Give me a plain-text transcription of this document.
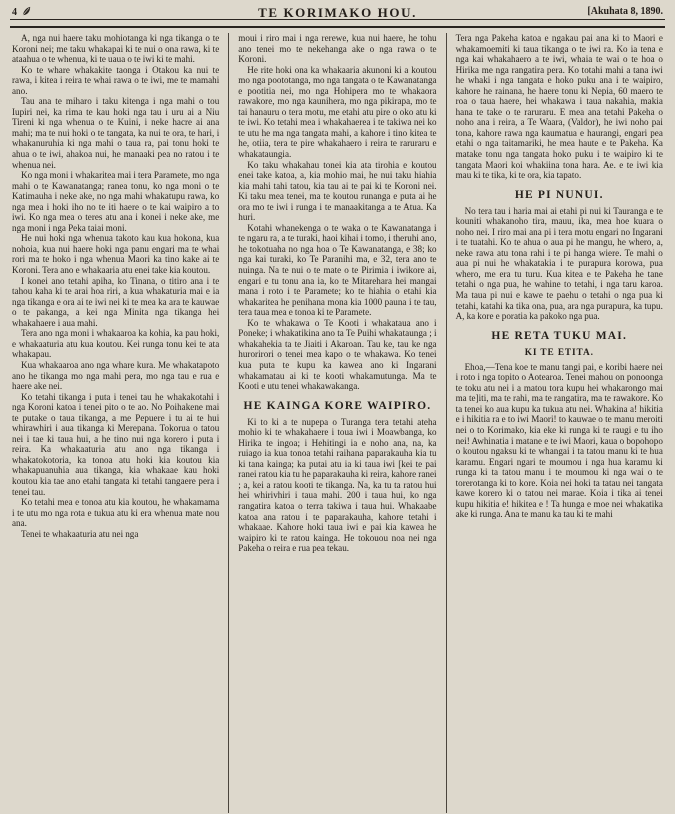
4	TE KORIMAKO HOU.	[Akuhata 8, 1890.

A, nga nui haere taku mohiotanga ki nga tikanga o te Koroni nei; me taku whakapai ki te nui o ona rawa, ki te ataahua o te whenua, ki te uaua o te iwi ki te mahi.

Ko te whare whakakite taonga i Otakou ka nui te rawa, i kitea i reira te whai rawa o te iwi, me te mamahi ano.

Tau ana te miharo i taku kitenga i nga mahi o tou Iupiri nei, ka rima te kau hoki nga tau i uru ai a Niu Tireni ki nga whenua o te Kuini, i neke hacre ai ana mahi; ma te nui hoki o te tangata, ka nui te ora, te hari, i whakanuruhia ki nga mahi o taua ra, pai tonu hoki te ahua o te iwi, ahakoa nui, he manaaki pea no ratou i te whenua nei.

Ko nga moni i whakaritea mai i tera Paramete, mo nga mahi o te Kawanatanga; ranea tonu, ko nga moni o te Katimauha i neke ake, no nga mahi whakatupu rawa, ko nga mea i hoki iho no te iti haere o te kai waipiro a to iwi. Ko nga mea o teres atu ana i konei i neke ake, me nga moni i nga Peka taiai moni.

He nui hoki nga whenua takoto kau kua hokona, kua nohoia, kua nui haere hoki nga panu engari ma te whai rori ma te hoko i nga whenua Maori ka tino kake ai te Koroni. Tera ano e whakaaria atu enei take kia koutou.

I konei ano tetahi apiha, ko Tinana, o titiro ana i te tahou kaha ki te arai hoa riri, a kua whakaturia mai e ia nga tikanga e ora ai te iwi nei ki te mea ka ara te kauwae o te pakanga, a kei nga Minita nga tikanga hei whakahaere i aua mahi.

Tera ano nga moni i whakaaroa ka kohia, ka pau hoki, e whakaaturia atu kua koutou. Kei runga tonu kei te ata whakapau.

Kua whakaaroa ano nga whare kura. Me whakatapoto ano he tikanga mo nga mahi pera, mo nga tau e rua e haere ake nei.

Ko tetahi tikanga i puta i tenei tau he whakakotahi i nga Koroni katoa i tenei pito o te ao. No Poihakene mai te putake o taua tikanga, a me Pepuere i tu ai te hui whirawhiri i aua tikanga ki Merepana. Tokorua o tatou nei i tae ki taua hui, a he tino nui nga korero i puta i reira. Ka whakaaturia atu ano nga tikanga i whakatokotoria, ka tonoa atu hoki kia koutou kia whakapuanuhia aua tikanga, kia whakaae kau hoki koutou kia tae ano etahi tangata ki tetahi tangaere pera i tenei tau.

Ko tetahi mea e tonoa atu kia koutou, he whakamama i te utu mo nga rota e tukua atu ki era whenua mate nou ana.

Tenei te whakaaturia atu nei nga

moui i riro mai i nga rerewe, kua nui haere, he tohu ano tenei mo te nekehanga ake o nga rawa o te Koroni.

He rite hoki ona ka whakaaria akunoni ki a koutou mo nga poototanga, mo nga tangata o te Kawanatanga e pootitia nei, mo nga Hohipera mo te whakaora rawakore, mo nga kaunihera, mo nga pikirapa, mo te tai hanauru o tera motu, me etahi atu pire o oko atu ki te iwi. Ko tetahi mea i whakahaerea i te takiwa nei ko te utu he ma nga tangata mahi, a kahore i tino kitea te he, otiia, tera te pire whakahaero i reira te raruraru e whakataungia.

Ko taku whakahau tonei kia ata tirohia e koutou enei take katoa, a, kia mohio mai, he nui taku hiahia kia mahi tahi tatou, kia tau ai te pai ki te Koroni nei. Ki taku mea tenei, ma te koutou runanga e puta ai he ora mo te iwi i runga i te manaakitanga a te Atua. Ka huri.

Kotahi whanekenga o te waka o te Kawanatanga i te ngaru ra, a te turaki, haoi kihai i tomo, i theruhi ano, he tokotuaha no nga hoa o Te Kawanatanga, e 38; ko nga kai turaki, ko Te Paranihi ma, e 32, tera ano te nuinga. Na te nui o te mate o te Pirimia i iwikore ai, engari e tu tonu ana ia, ko te Mitarehara hei mangai mana i roto i te Paramete; ko te hiahia o etahi kia whakaritea he penihana mona kia 1000 pauna i te tau, tera taua mea e tonoa ki te Paramete.

Ko te whakawa o Te Kooti i whakataua ano i Poneke; i whakatikina ano ta Te Puihi whakataunga ; i whakahekia ta te Jiaiti i Akaroan. Tau ke, tau ke nga hurorirori o tenei mea kapo o te whakawa. Ko tenei kua puta te kupu ka kawea ano ki Ingarani whakamatau ai ki te kooti whakamutunga. Ma te Kooti e utu tenei whakawakanga.

HE KAINGA KORE WAIPIRO.

Ki to ki a te nupepa o Turanga tera tetahi ateha mohio ki te whakahaere i toua iwi i Moawbanga, ko Hirika te ingoa; i Hehitingi ia e noho ana, na, ka ruiago ia kua tonoa tetahi raihana paparakauha kia tu ki tana kainga; ka putai atu ia ki taua iwi [kei te pai ranei ratou kia tu he paparakauha ki reira, kahore ranei ; a, kei a ratou kooti te tikanga. Na, ka tu ta ratou hui hei whirivhiri i taua mahi. 200 i taua hui, ko nga rangatira katoa o terra takiwa i taua hui. Whakaabe katoa ana ratou i te paparakauha, kahore tetahi i whakaae. Kahore hoki taua iwi e pai kia kawea he waipiro ki te ratou kainga. He tokouou noa nei nga Pakeha o reira e rua pea tekau.

Tera nga Pakeha katoa e ngakau pai ana ki to Maori e whakamoemiti ki taua tikanga o te iwi ra. Ko ia tena e nga kai whakahaero a te iwi, whaia te wai o te hoa o Hirika me nga rangatira pera. Ko totahi mahi a tana iwi he whaki i nga tangata e hoko puku ana i te waipiro, kahore he rainana, he haere tonu ki Nepia, 60 maero te roa o taua haere, hei whakawa i taua nakahia, makia hana te take o te raruraru. E mea ana tetahi Pakeha o noho ana i reira, a Te Waara, (Valdor), he iwi noho pai tona, kahore rawa nga kaumatua e haurangi, engari pea etahi o nga taitamariki, he mea haute e te Pakeha. Ka matake tonu nga tangata hoko puku i te waipiro ki te tangata Maori koi whakiina tona hara. Ae. e te iwi kia mau ki te tika, ki te ora, kia tapato.

HE PI NUNUI.

No tera tau i haria mai ai etahi pi nui ki Tauranga e te kouniti whakanoho tira, mauu, ika, mea hoe kuara o noho nei. I riro mai ana pi i tera motu engari no Ingarani i te tuatahi. Ko te ahua o aua pi he mangu, he whero, a, neke rawa atu tona rahi i te pi hanga wiere. Te mahi o aua pi nui he whakatakia i te purapura korowa, pua whero, me era tu turu. Kua kitea e te Pakeha he tane tetahi o nga pua, he wahine to tetahi, i nga taru karoa. Ma taua pi nui e kawe te paehu o tetahi o nga pua ki tetahi, katahi ka tika ona, pua, ara nga purapura, ka tupu. A, ka kore e poratia ka pakoko nga pua.

HE RETA TUKU MAI.
KI TE ETITA.

Ehoa,—Tena koe te manu tangi pai, e koribi haere nei i roto i nga topito o Aotearoa. Tenei mahou on ponoonga te toku atu nei i a matou tora kupu hei whakarongo mai ma te]iti, ma te rahi, ma te rangatira, ma te rawakore. Ko ta tenei ko aua kupu ka tukua atu nei. Whakina a! hikitia e i hikitia ra e to iwi Maori! to kauwae o te manu meroiti nei o to Korimako, kia eke ki runga ki te raugi e tu iho nei! Awhinatia i matane e te iwi Maori, kaua o bopohopo o koutou ngaksu ki te whangai i ta tatou manu ki te hua karamu. Engari ngari te moumou i nga hua karamu ki runga ki ta tatou manu i te moumou ki nga wai o te torerotanga ki to kore. Koia nei hoki ta tatau nei tangata kawe korero ki o tatou nei marae. Koia i tika ai tenei kupu hikitia e! hikitea e ! Ta hunga e moe nei whakatika ake ki runga. Ana te manu ka tau ki te mahi
